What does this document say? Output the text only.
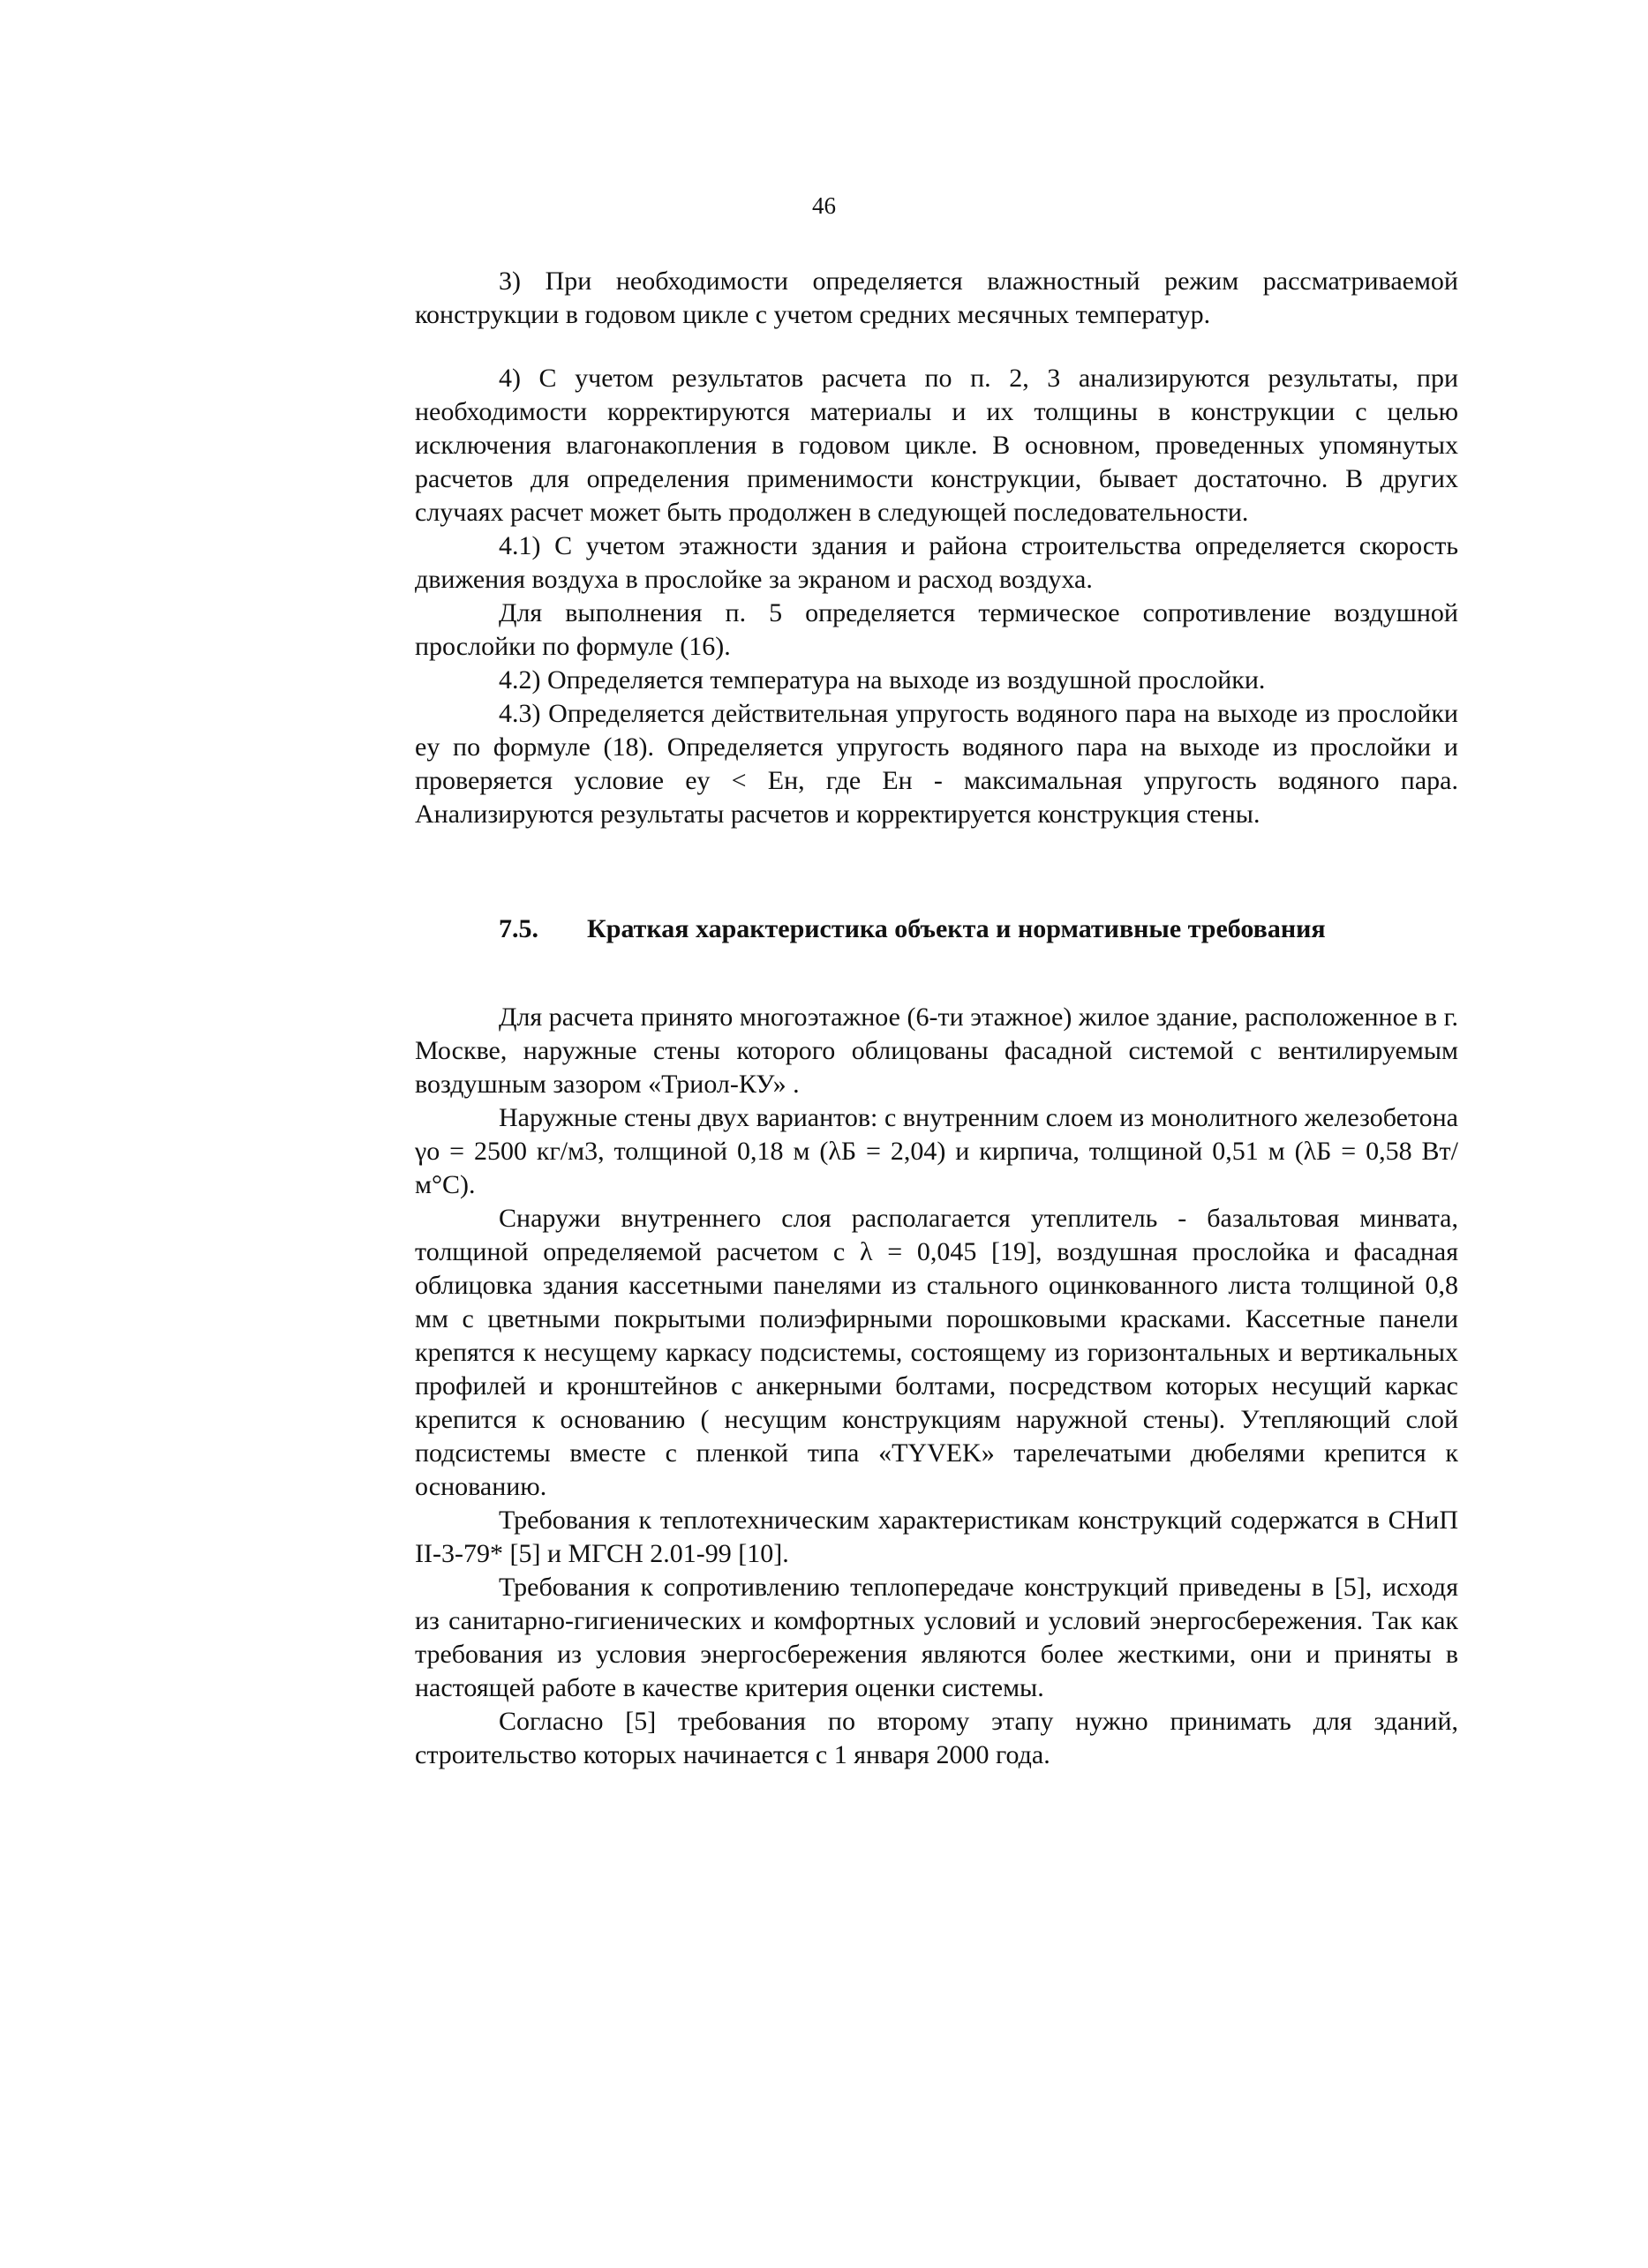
46

3) При необходимости определяется влажностный режим рассматриваемой конструкции в годовом цикле с учетом средних месячных температур.

4) С учетом результатов расчета по п. 2, 3 анализируются результаты, при необходимости корректируются материалы и их толщины в конструкции с целью исключения влагонакопления в годовом цикле. В основном, проведенных упомянутых расчетов для определения применимости конструкции, бывает достаточно. В других случаях расчет может быть продолжен в следующей последовательности.

4.1) С учетом этажности здания и района строительства определяется скорость движения воздуха в прослойке за экраном и расход воздуха.

Для выполнения п. 5 определяется термическое сопротивление воздушной прослойки по формуле (16).

4.2) Определяется температура на выходе из воздушной прослойки.

4.3) Определяется действительная упругость водяного пара на выходе из прослойки eу по формуле (18). Определяется упругость водяного пара на выходе из прослойки и проверяется условие eу < Eн, где Eн - максимальная упругость водяного пара. Анализируются результаты расчетов и корректируется конструкция стены.

7.5.	Краткая характеристика объекта и нормативные требования

Для расчета принято многоэтажное (6-ти этажное) жилое здание, расположенное в г. Москве, наружные стены которого облицованы фасадной системой с вентилируемым воздушным зазором «Триол-КУ» .

Наружные стены двух вариантов: с внутренним слоем из монолитного железобетона γo = 2500 кг/м3, толщиной 0,18 м (λБ = 2,04) и кирпича, толщиной 0,51 м (λБ = 0,58 Вт/м°С).

Снаружи внутреннего слоя располагается утеплитель - базальтовая минвата, толщиной определяемой расчетом с λ = 0,045 [19], воздушная прослойка и фасадная облицовка здания кассетными панелями из стального оцинкованного листа толщиной 0,8 мм с цветными покрытыми полиэфирными порошковыми красками. Кассетные панели крепятся к несущему каркасу подсистемы, состоящему из горизонтальных и вертикальных профилей и кронштейнов с анкерными болтами, посредством которых несущий каркас крепится к основанию ( несущим конструкциям наружной стены). Утепляющий слой подсистемы вместе с пленкой типа «TYVEK» тарелечатыми дюбелями крепится к основанию.

Требования к теплотехническим характеристикам конструкций содержатся в СНиП II-3-79* [5] и МГСН 2.01-99 [10].

Требования к сопротивлению теплопередаче конструкций приведены в [5], исходя из санитарно-гигиенических и комфортных условий и условий энергосбережения. Так как требования из условия энергосбережения являются более жесткими, они и приняты в настоящей работе в качестве критерия оценки системы.

Согласно [5] требования по второму этапу нужно принимать для зданий, строительство которых начинается с 1 января 2000 года.
